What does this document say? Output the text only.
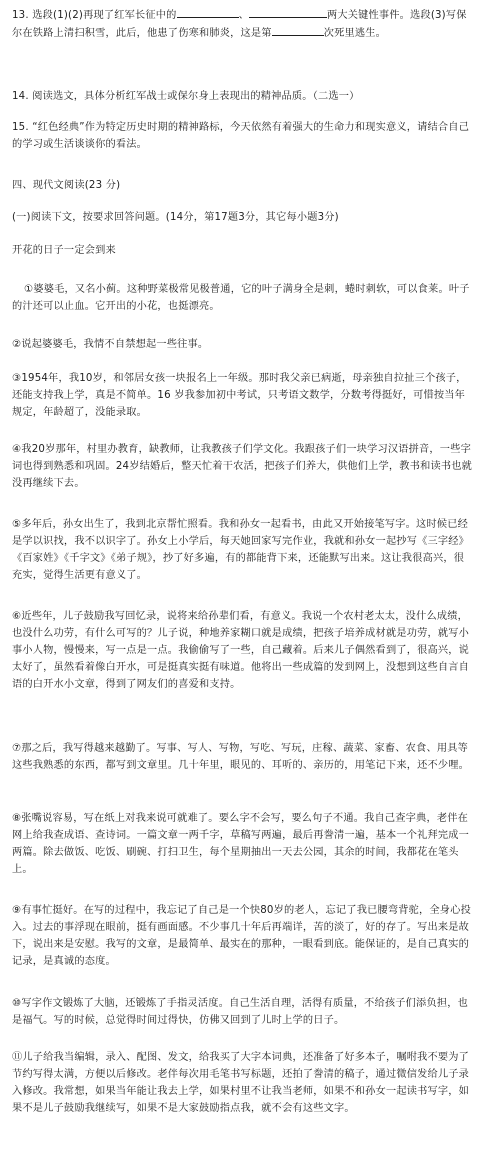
13. 选段(1)(2)再现了红军长征中的	、	两大关键性事件。选段(3)写保尔在铁路上清扫积雪，此后，他患了伤寒和肺炎，这是第	次死里逃生。

14. 阅读选文，具体分析红军战士或保尔身上表现出的精神品质。（二选一）

15. “红色经典”作为特定历史时期的精神路标，今天依然有着强大的生命力和现实意义，请结合自己的学习或生活谈谈你的看法。

四、现代文阅读(23 分)

(一)阅读下文，按要求回答问题。(14分，第17题3分，其它每小题3分)

开花的日子一定会到来

①婆婆毛，又名小蓟。这种野菜极常见极普通，它的叶子满身全是刺，蜷时刺软，可以食莱。叶子的汁还可以止血。它开出的小花，也挺漂亮。

②说起婆婆毛，我情不自禁想起一些往事。

③1954年，我10岁，和邻居女孩一块报名上一年级。那时我父亲已病逝，母亲独自拉扯三个孩子，还能支持我上学，真是不简单。16 岁我参加初中考试，只考语文数学，分数考得挺好，可惜按当年规定，年龄超了，没能录取。

④我20岁那年，村里办教育，缺教师，让我教孩子们学文化。我跟孩子们一块学习汉语拼音，一些字词也得到熟悉和巩固。24岁结婚后，整天忙着干农活，把孩子们养大，供他们上学，教书和读书也就没再继续下去。

⑤多年后，孙女出生了，我到北京帮忙照看。我和孙女一起看书，由此又开始接笔写字。这时候已经是学以识找，我不以识字了。孙女上小学后，每天她回家写完作业，我就和孙女一起抄写《三字经》《百家姓》《千字文》《弟子规》，抄了好多遍，有的都能背下来，还能默写出来。这让我很高兴，很充实，觉得生活更有意义了。

⑥近些年，儿子鼓励我写回忆录，说将来给孙辈们看，有意义。我说一个农村老太太，没什么成绩，也没什么功劳，有什么可写的？儿子说，种地养家糊口就是成绩，把孩子培养成材就是功劳，就写小事小人物，慢慢来，写一点是一点。我偷偷写了一些，自己藏着。后来儿子偶然看到了，很高兴，说太好了，虽然看着像白开水，可是挺真实挺有味道。他将出一些成篇的发到网上，没想到这些自言自语的白开水小文章，得到了网友们的喜爱和支持。

⑦那之后，我写得越来越勤了。写事、写人、写物，写吃、写玩，庄稼、蔬菜、家畜、农食、用具等这些我熟悉的东西，都写到文章里。几十年里，眼见的、耳听的、亲历的，用笔记下来，还不少哩。

⑧张嘴说容易，写在纸上对我来说可就难了。要么字不会写，要么句子不通。我自己查字典，老伴在网上给我查成语、查诗词。一篇文章一两千字，草稿写两遍，最后再誊清一遍，基本一个礼拜完成一两篇。除去做饭、吃饭、刷碗、打扫卫生，每个星期抽出一天去公园，其余的时间，我都花在笔头上。

⑨有事忙挺好。在写的过程中，我忘记了自己是一个快80岁的老人，忘记了我已腰弯背驼，全身心投入。过去的事浮现在眼前，挺有画面感。不少事几十年后再端详，苦的淡了，好的存了。写出来是故下，说出来是安慰。我写的文章，是最简单、最实在的那种，一眼看到底。能保证的，是自己真实的记录，是真诚的态度。

⑩写字作文锻炼了大脑，还锻炼了手指灵活度。自己生活自理，活得有质量，不给孩子们添负担，也是福气。写的时候，总觉得时间过得快，仿佛又回到了儿时上学的日子。

⑪儿子给我当编辑，录入、配图、发文，给我买了大字本词典，还准备了好多本子，嘱咐我不要为了节约写得太满，方便以后修改。老伴每次用毛笔书写标题，还拍了誊清的稿子，通过微信发给儿子录入修改。我常想，如果当年能让我去上学，如果村里不让我当老师，如果不和孙女一起读书写字，如果不是儿子鼓励我继续写，如果不是大家鼓励指点我，就不会有这些文字。
